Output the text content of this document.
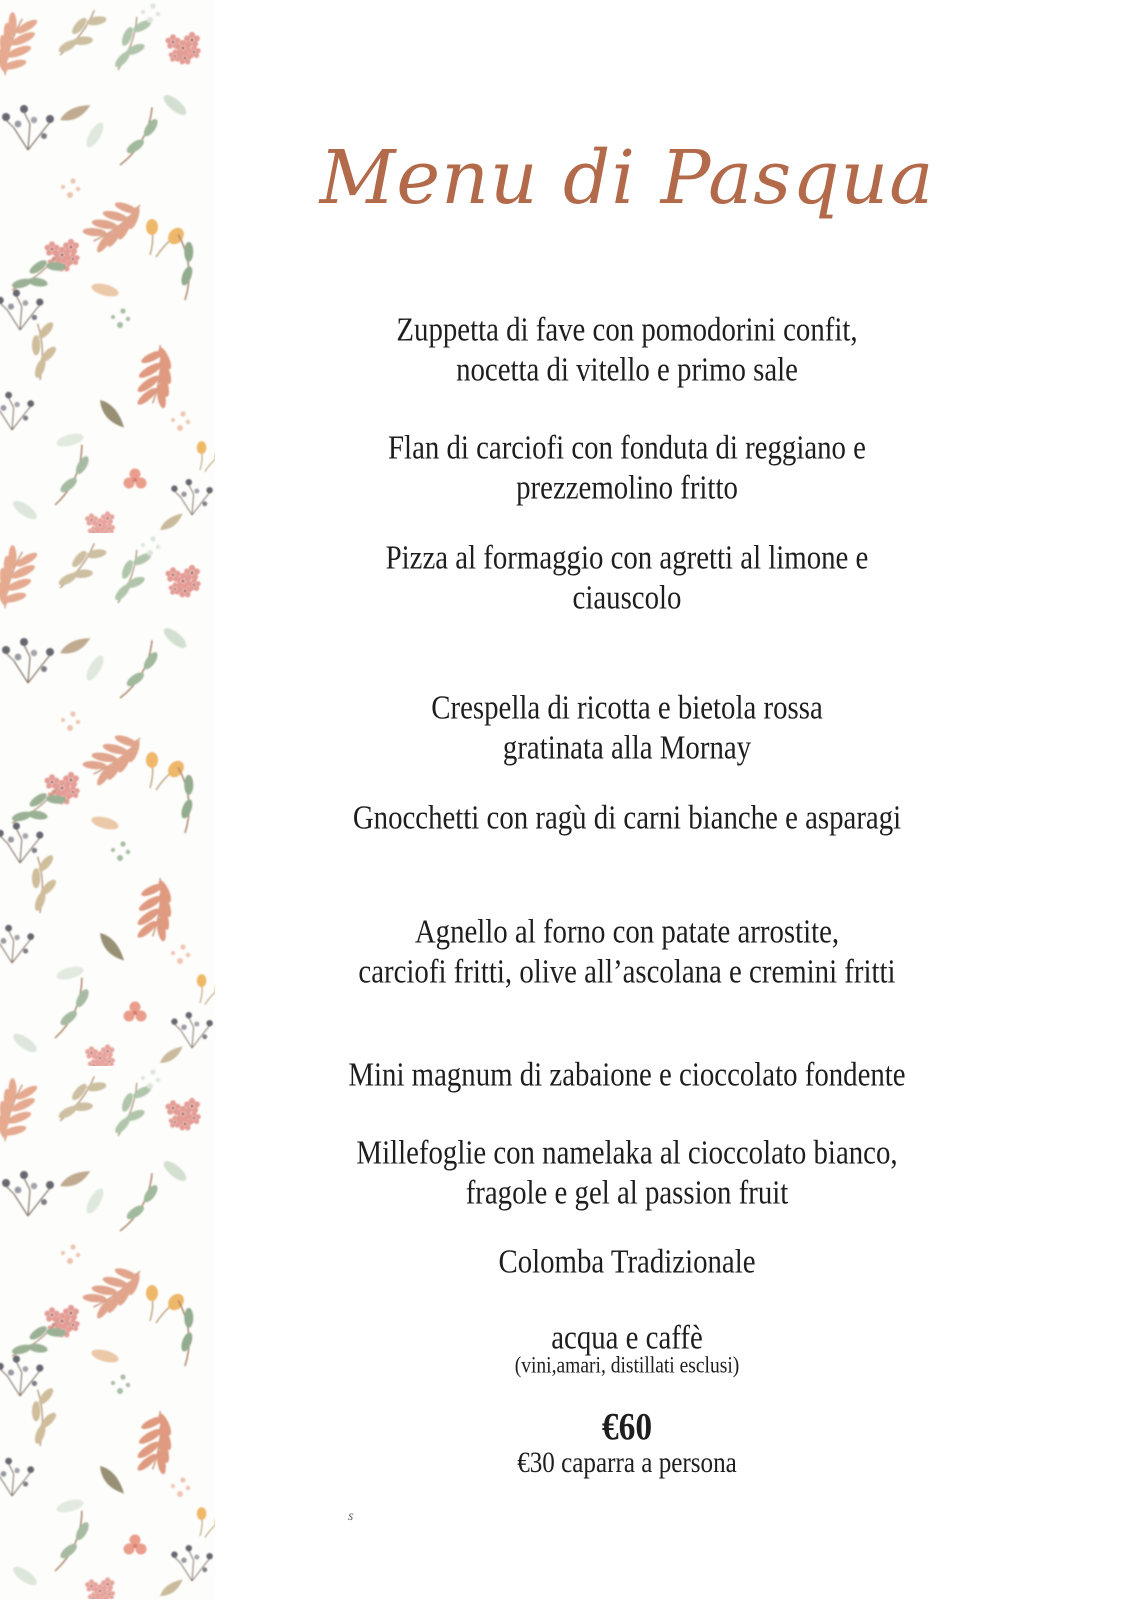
Menu di Pasqua
Zuppetta di fave con pomodorini confit,
nocetta di vitello e primo sale
Flan di carciofi con fonduta di reggiano e
prezzemolino fritto
Pizza al formaggio con agretti al limone e
ciauscolo
Crespella di ricotta e bietola rossa
gratinata alla Mornay
Gnocchetti con ragù di carni bianche e asparagi
Agnello al forno con patate arrostite,
carciofi fritti, olive all’ascolana e cremini fritti
Mini magnum di zabaione e cioccolato fondente
Millefoglie con namelaka al cioccolato bianco,
fragole e gel al passion fruit
Colomba Tradizionale
acqua e caffè
(vini,amari, distillati esclusi)
€60
€30 caparra a persona
s
